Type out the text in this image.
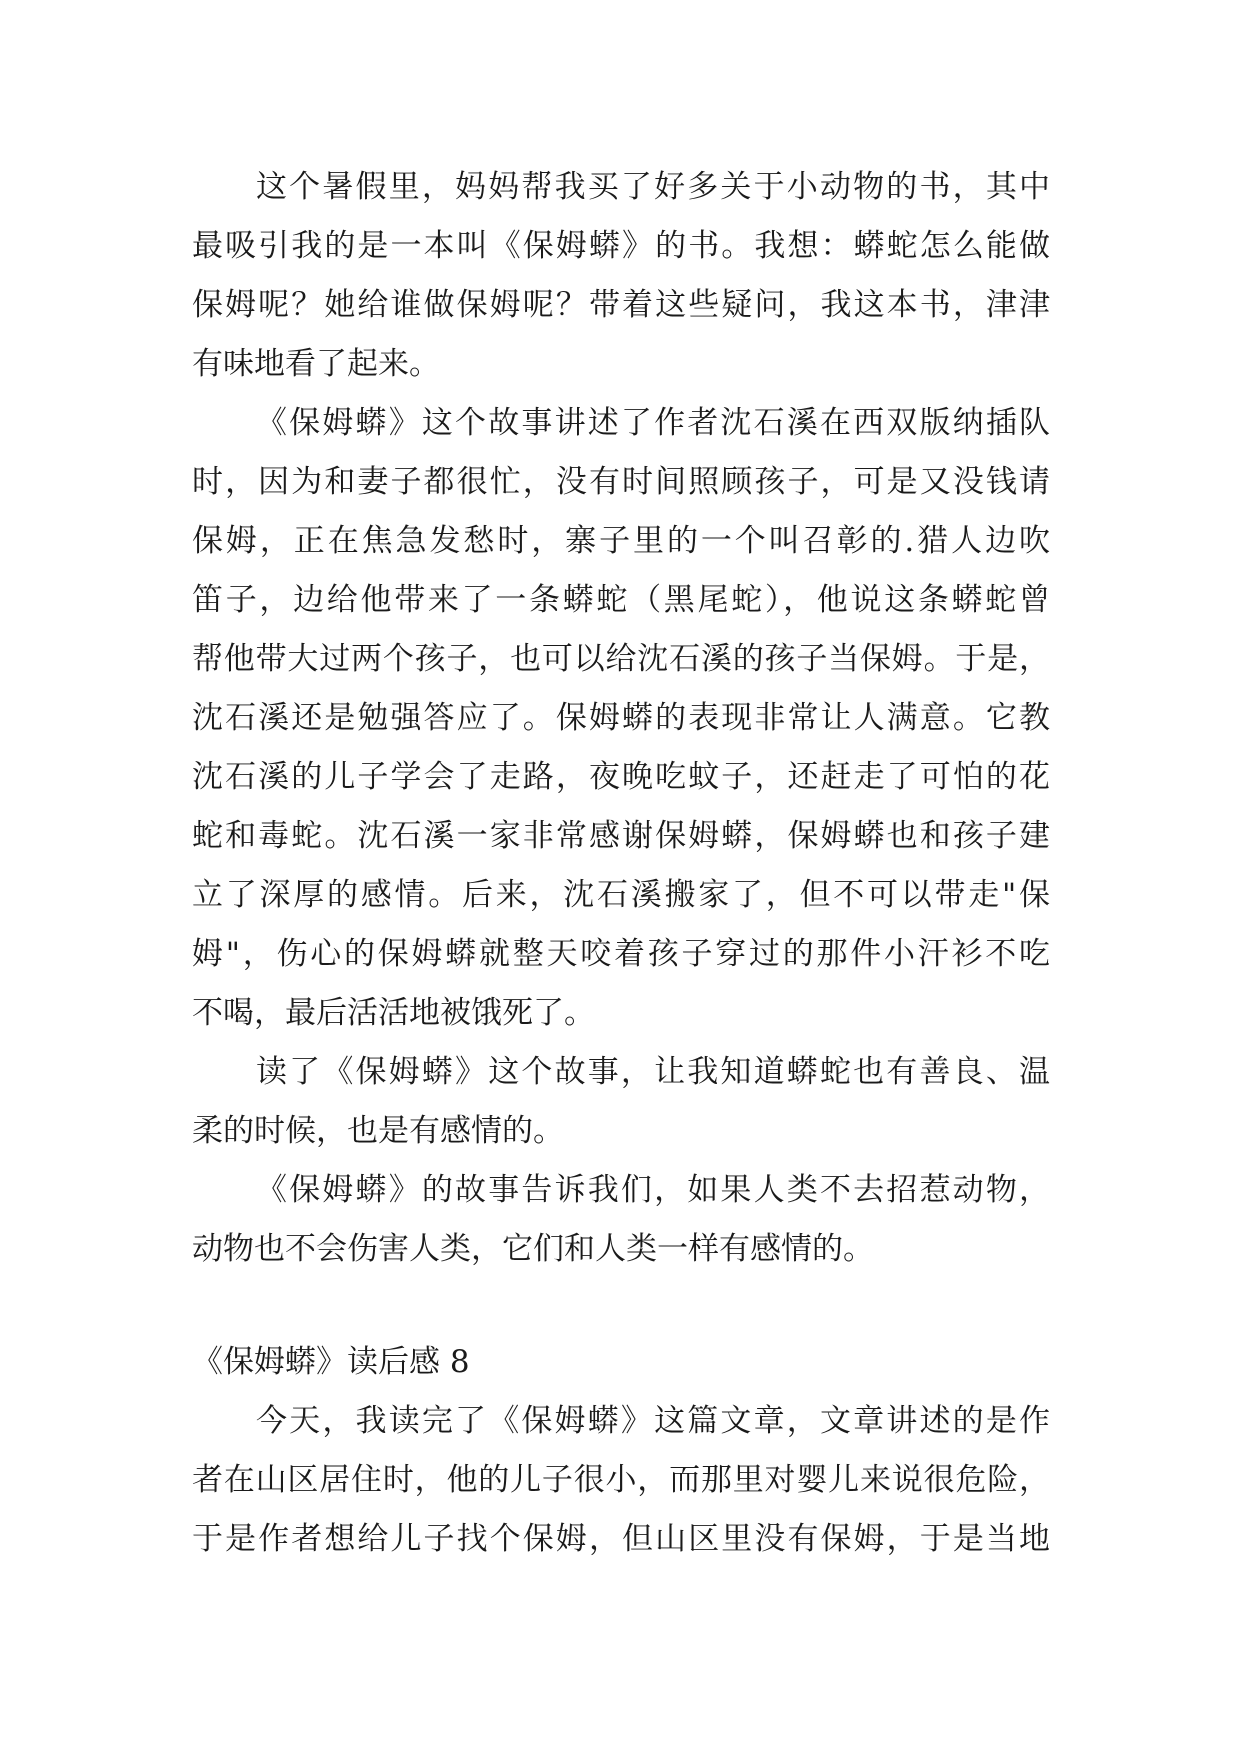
这个暑假里，妈妈帮我买了好多关于小动物的书，其中
最吸引我的是一本叫《保姆蟒》的书。我想：蟒蛇怎么能做
保姆呢？她给谁做保姆呢？带着这些疑问，我这本书，津津
有味地看了起来。
《保姆蟒》这个故事讲述了作者沈石溪在西双版纳插队
时，因为和妻子都很忙，没有时间照顾孩子，可是又没钱请
保姆，正在焦急发愁时，寨子里的一个叫召彰的.猎人边吹
笛子，边给他带来了一条蟒蛇（黑尾蛇），他说这条蟒蛇曾
帮他带大过两个孩子，也可以给沈石溪的孩子当保姆。于是，
沈石溪还是勉强答应了。保姆蟒的表现非常让人满意。它教
沈石溪的儿子学会了走路，夜晚吃蚊子，还赶走了可怕的花
蛇和毒蛇。沈石溪一家非常感谢保姆蟒，保姆蟒也和孩子建
立了深厚的感情。后来，沈石溪搬家了，但不可以带走"保
姆"，伤心的保姆蟒就整天咬着孩子穿过的那件小汗衫不吃
不喝，最后活活地被饿死了。
读了《保姆蟒》这个故事，让我知道蟒蛇也有善良、温
柔的时候，也是有感情的。
《保姆蟒》的故事告诉我们，如果人类不去招惹动物，
动物也不会伤害人类，它们和人类一样有感情的。
《保姆蟒》读后感 8
今天，我读完了《保姆蟒》这篇文章，文章讲述的是作
者在山区居住时，他的儿子很小，而那里对婴儿来说很危险，
于是作者想给儿子找个保姆，但山区里没有保姆，于是当地
